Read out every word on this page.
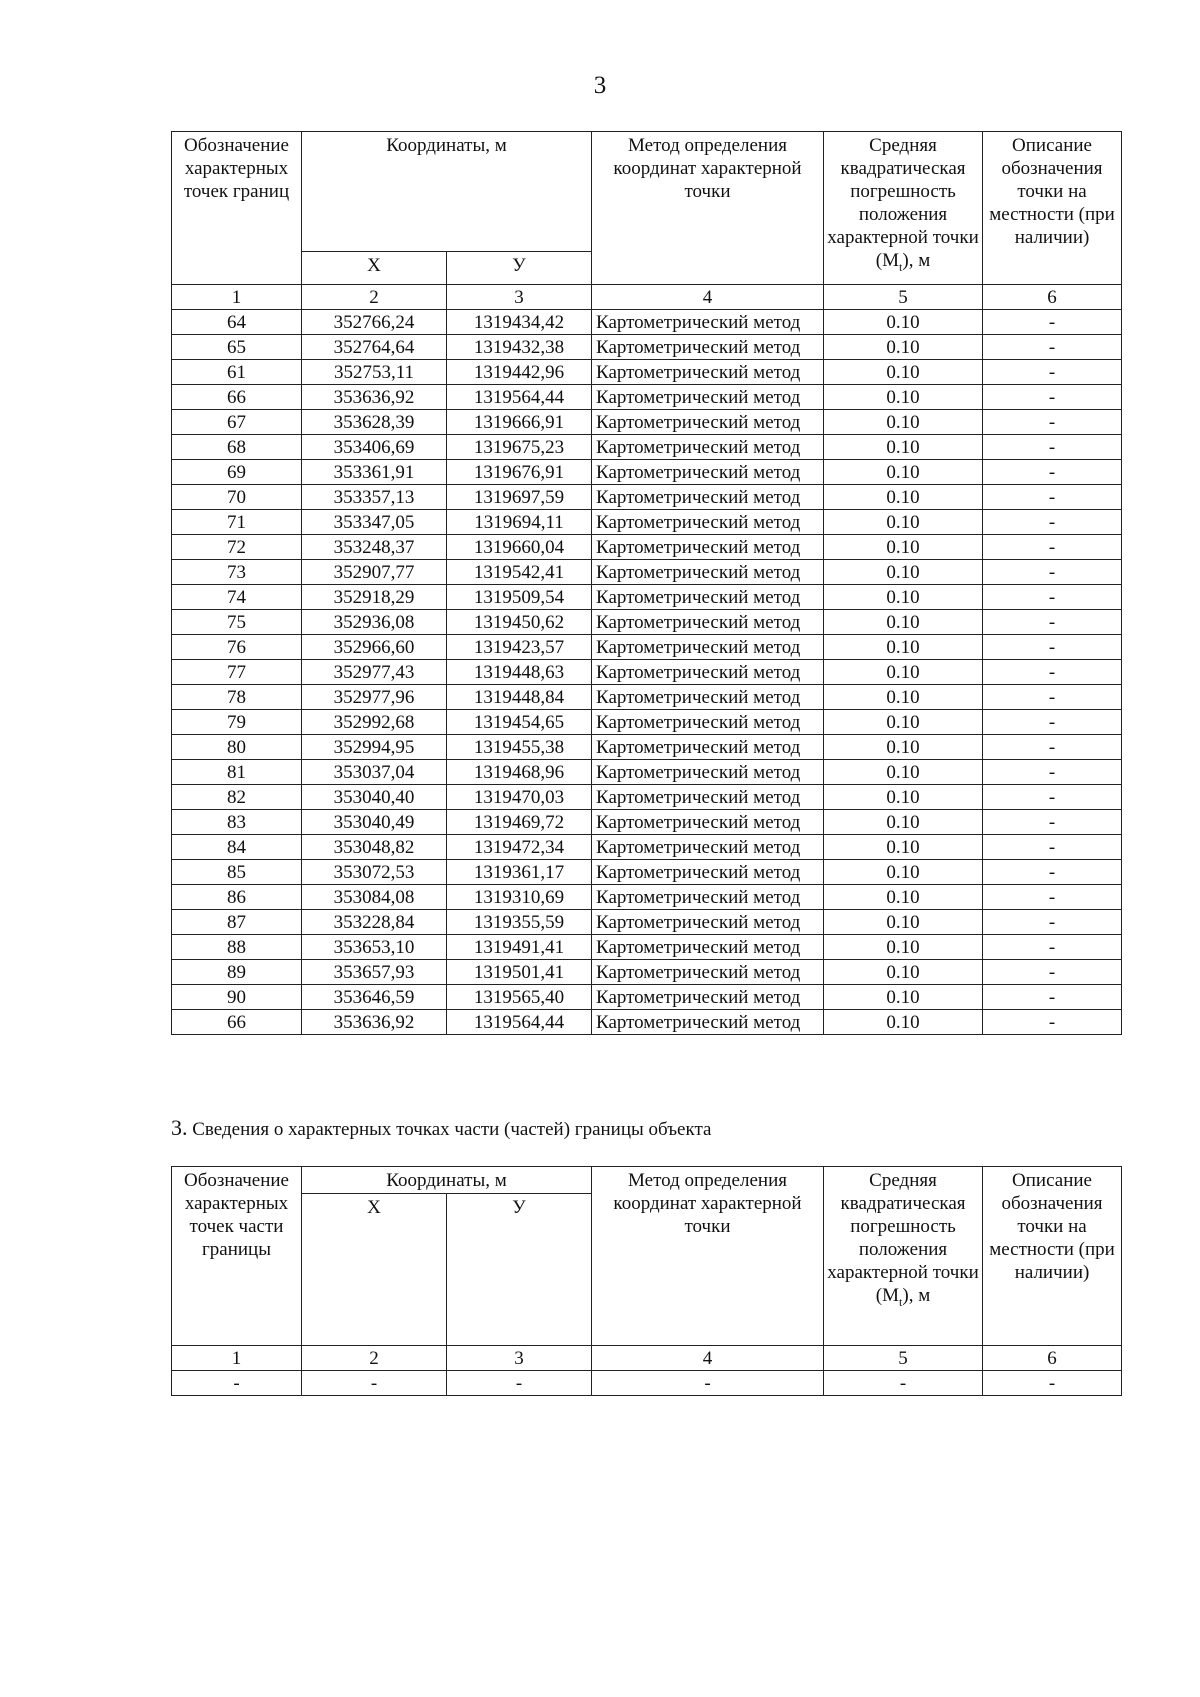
3
Обозначение характерных точек границ	Координаты, м		Метод определения координат характерной точки	Средняя квадратическая погрешность положения характерной точки $(M_t)$, м	Описание обозначения точки на местности (при наличии)
	Х	У			
1	2	3	4	5	6
64	352766,24	1319434,42	Картометрический метод	0.10	-
65	352764,64	1319432,38	Картометрический метод	0.10	-
61	352753,11	1319442,96	Картометрический метод	0.10	-
66	353636,92	1319564,44	Картометрический метод	0.10	-
67	353628,39	1319666,91	Картометрический метод	0.10	-
68	353406,69	1319675,23	Картометрический метод	0.10	-
69	353361,91	1319676,91	Картометрический метод	0.10	-
70	353357,13	1319697,59	Картометрический метод	0.10	-
71	353347,05	1319694,11	Картометрический метод	0.10	-
72	353248,37	1319660,04	Картометрический метод	0.10	-
73	352907,77	1319542,41	Картометрический метод	0.10	-
74	352918,29	1319509,54	Картометрический метод	0.10	-
75	352936,08	1319450,62	Картометрический метод	0.10	-
76	352966,60	1319423,57	Картометрический метод	0.10	-
77	352977,43	1319448,63	Картометрический метод	0.10	-
78	352977,96	1319448,84	Картометрический метод	0.10	-
79	352992,68	1319454,65	Картометрический метод	0.10	-
80	352994,95	1319455,38	Картометрический метод	0.10	-
81	353037,04	1319468,96	Картометрический метод	0.10	-
82	353040,40	1319470,03	Картометрический метод	0.10	-
83	353040,49	1319469,72	Картометрический метод	0.10	-
84	353048,82	1319472,34	Картометрический метод	0.10	-
85	353072,53	1319361,17	Картометрический метод	0.10	-
86	353084,08	1319310,69	Картометрический метод	0.10	-
87	353228,84	1319355,59	Картометрический метод	0.10	-
88	353653,10	1319491,41	Картометрический метод	0.10	-
89	353657,93	1319501,41	Картометрический метод	0.10	-
90	353646,59	1319565,40	Картометрический метод	0.10	-
66	353636,92	1319564,44	Картометрический метод	0.10	-
3. Сведения о характерных точках части (частей) границы объекта
Обозначение характерных точек части границы	Координаты, м		Метод определения координат характерной точки	Средняя квадратическая погрешность положения характерной точки $(M_t)$, м	Описание обозначения точки на местности (при наличии)
	Х	У			
1	2	3	4	5	6
-	-	-	-	-	-
